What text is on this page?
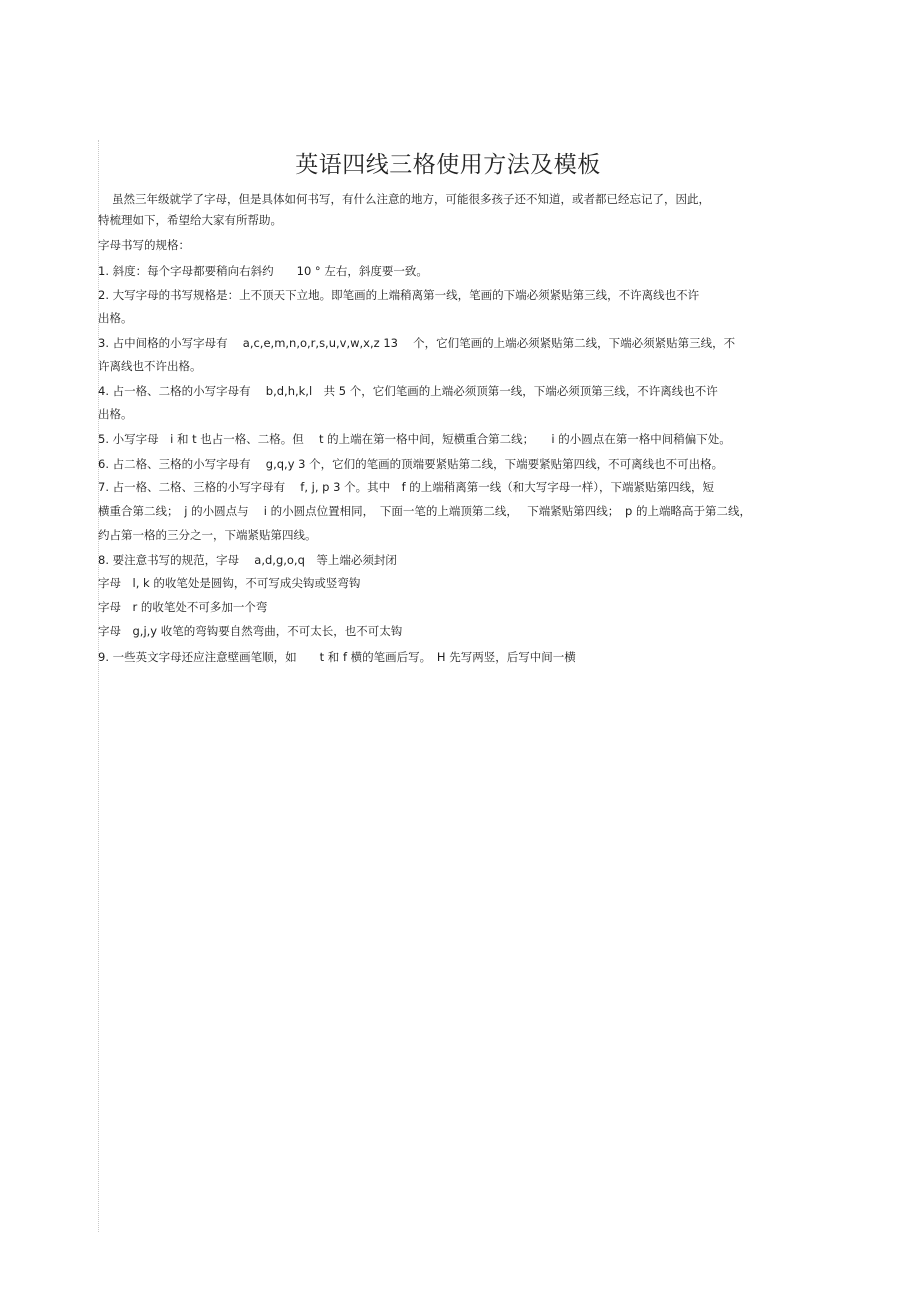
英语四线三格使用方法及模板
虽然三年级就学了字母，但是具体如何书写，有什么注意的地方，可能很多孩子还不知道，或者都已经忘记了，因此，
特梳理如下，希望给大家有所帮助。
字母书写的规格：
1. 斜度：每个字母都要稍向右斜约　　10 ° 左右，斜度要一致。
2. 大写字母的书写规格是：上不顶天下立地。即笔画的上端稍离第一线，笔画的下端必须紧贴第三线，不许离线也不许
出格。
3. 占中间格的小写字母有　 a,c,e,m,n,o,r,s,u,v,w,x,z 13　 个，它们笔画的上端必须紧贴第二线，下端必须紧贴第三线，不
许离线也不许出格。
4. 占一格、二格的小写字母有　 b,d,h,k,l　共 5 个，它们笔画的上端必须顶第一线，下端必须顶第三线，不许离线也不许
出格。
5. 小写字母　i 和 t 也占一格、二格。但　 t 的上端在第一格中间，短横重合第二线；　　i 的小圆点在第一格中间稍偏下处。
6. 占二格、三格的小写字母有　 g,q,y 3 个，它们的笔画的顶端要紧贴第二线，下端要紧贴第四线，不可离线也不可出格。
7. 占一格、二格、三格的小写字母有　 f, j, p 3 个。其中　f 的上端稍离第一线（和大写字母一样），下端紧贴第四线，短
横重合第二线；　j 的小圆点与　 i 的小圆点位置相同，　下面一笔的上端顶第二线，　 下端紧贴第四线；　p 的上端略高于第二线，
约占第一格的三分之一，下端紧贴第四线。
8. 要注意书写的规范，字母　 a,d,g,o,q　等上端必须封闭
字母　l, k 的收笔处是圆钩，不可写成尖钩或竖弯钩
字母　r 的收笔处不可多加一个弯
字母　g,j,y 收笔的弯钩要自然弯曲，不可太长，也不可太钩
9. 一些英文字母还应注意壁画笔顺，如　　t 和 f 横的笔画后写。　H 先写两竖，后写中间一横
